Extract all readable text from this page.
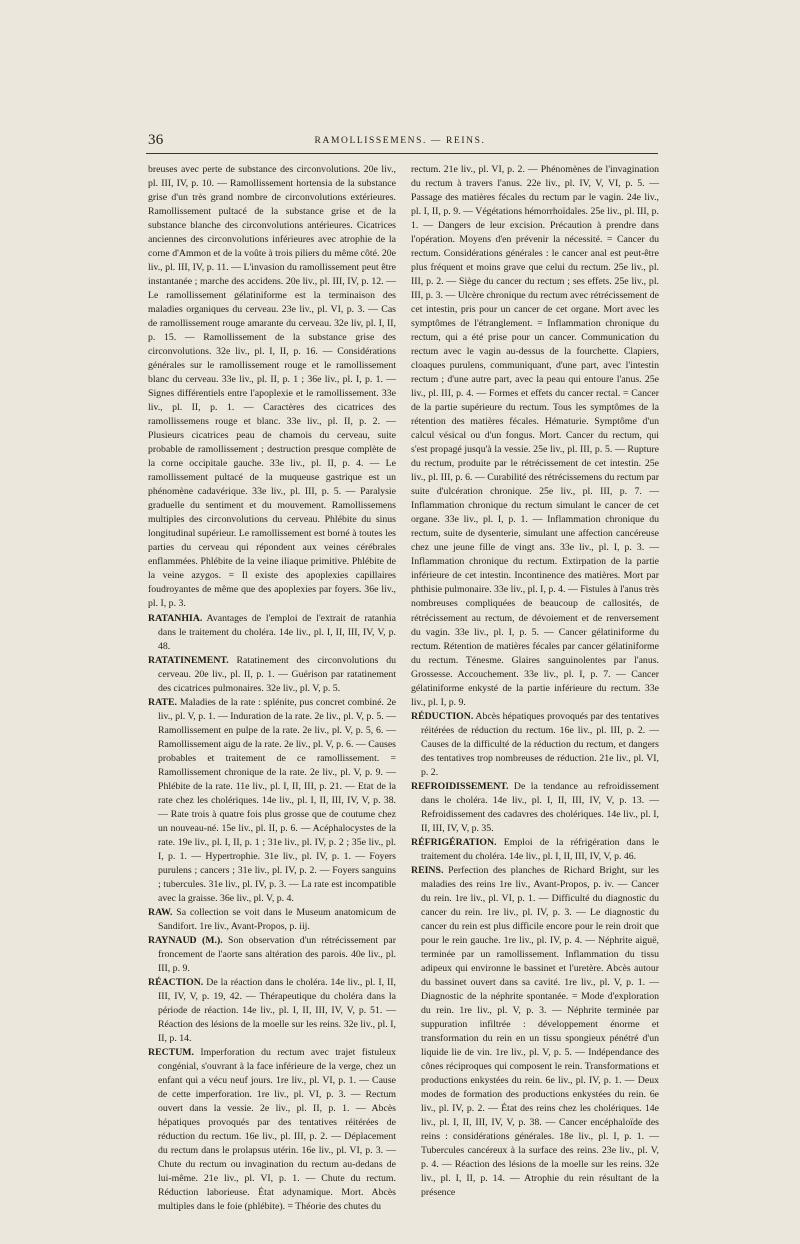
36	RAMOLLISSEMENS. — REINS.

breuses avec perte de substance des circonvolutions. 20e liv., pl. III, IV, p. 10. — Ramollissement hortensia de la substance grise d'un très grand nombre de circonvolutions extérieures. Ramollissement pultacé de la substance grise et de la substance blanche des circonvolutions antérieures. Cicatrices anciennes des circonvolutions inférieures avec atrophie de la corne d'Ammon et de la voûte à trois piliers du même côté. 20e liv., pl. III, IV, p. 11. — L'invasion du ramollissement peut être instantanée ; marche des accidens. 20e liv., pl. III, IV, p. 12. — Le ramollissement gélatiniforme est la terminaison des maladies organiques du cerveau. 23e liv., pl. VI, p. 3. — Cas de ramollissement rouge amarante du cerveau. 32e liv, pl. I, II, p. 15. — Ramollissement de la substance grise des circonvolutions. 32e liv., pl. I, II, p. 16. — Considérations générales sur le ramollissement rouge et le ramollissement blanc du cerveau. 33e liv., pl. II, p. 1 ; 36e liv., pl. I, p. 1. — Signes différentiels entre l'apoplexie et le ramollissement. 33e liv., pl. II, p. 1. — Caractères des cicatrices des ramollissemens rouge et blanc. 33e liv., pl. II, p. 2. — Plusieurs cicatrices peau de chamois du cerveau, suite probable de ramollissement ; destruction presque complète de la corne occipitale gauche. 33e liv., pl. II, p. 4. — Le ramollissement pultacé de la muqueuse gastrique est un phénomène cadavérique. 33e liv., pl. III, p. 5. — Paralysie graduelle du sentiment et du mouvement. Ramollissemens multiples des circonvolutions du cerveau. Phlébite du sinus longitudinal supérieur. Le ramollissement est borné à toutes les parties du cerveau qui répondent aux veines cérébrales enflammées. Phlébite de la veine iliaque primitive. Phlébite de la veine azygos. = Il existe des apoplexies capillaires foudroyantes de même que des apoplexies par foyers. 36e liv., pl. I, p. 3.

RATANHIA. Avantages de l'emploi de l'extrait de ratanhia dans le traitement du choléra. 14e liv., pl. I, II, III, IV, V, p. 48.

RATATINEMENT. Ratatinement des circonvolutions du cerveau. 20e liv., pl. II, p. 1. — Guérison par ratatinement des cicatrices pulmonaires. 32e liv., pl. V, p. 5.

RATE. Maladies de la rate : splénite, pus concret combiné. 2e liv., pl. V, p. 1. — Induration de la rate. 2e liv., pl. V, p. 5. — Ramollissement en pulpe de la rate. 2e liv., pl. V, p. 5, 6. — Ramollissement aigu de la rate. 2e liv., pl. V, p. 6. — Causes probables et traitement de ce ramollissement. = Ramollissement chronique de la rate. 2e liv., pl. V, p. 9. — Phlébite de la rate. 11e liv., pl. I, II, III, p. 21. — Etat de la rate chez les cholériques. 14e liv., pl. I, II, III, IV, V, p. 38. — Rate trois à quatre fois plus grosse que de coutume chez un nouveau-né. 15e liv., pl. II, p. 6. — Acéphalocystes de la rate. 19e liv., pl. I, II, p. 1 ; 31e liv., pl. IV, p. 2 ; 35e liv., pl. I, p. 1. — Hypertrophie. 31e liv., pl. IV, p. 1. — Foyers purulens ; cancers ; 31e liv., pl. IV, p. 2. — Foyers sanguins ; tubercules. 31e liv., pl. IV, p. 3. — La rate est incompatible avec la graisse. 36e liv., pl. V, p. 4.

RAW. Sa collection se voit dans le Museum anatomicum de Sandifort. 1re liv., Avant-Propos, p. iij.

RAYNAUD (M.). Son observation d'un rétrécissement par froncement de l'aorte sans altération des parois. 40e liv., pl. III, p. 9.

RÉACTION. De la réaction dans le choléra. 14e liv., pl. I, II, III, IV, V, p. 19, 42. — Thérapeutique du choléra dans la période de réaction. 14e liv., pl. I, II, III, IV, V, p. 51. — Réaction des lésions de la moelle sur les reins. 32e liv., pl. I, II, p. 14.

RECTUM. Imperforation du rectum avec trajet fistuleux congénial, s'ouvrant à la face inférieure de la verge, chez un enfant qui a vécu neuf jours. 1re liv., pl. VI, p. 1. — Cause de cette imperforation. 1re liv., pl. VI, p. 3. — Rectum ouvert dans la vessie. 2e liv., pl. II, p. 1. — Abcès hépatiques provoqués par des tentatives réitérées de réduction du rectum. 16e liv., pl. III, p. 2. — Déplacement du rectum dans le prolapsus utérin. 16e liv., pl. VI, p. 3. — Chute du rectum ou invagination du rectum au-dedans de lui-même. 21e liv., pl. VI, p. 1. — Chute du rectum. Réduction laborieuse. État adynamique. Mort. Abcès multiples dans le foie (phlébite). = Théorie des chutes du

rectum. 21e liv., pl. VI, p. 2. — Phénomènes de l'invagination du rectum à travers l'anus. 22e liv., pl. IV, V, VI, p. 5. — Passage des matières fécales du rectum par le vagin. 24e liv., pl. I, II, p. 9. — Végétations hémorrhoïdales. 25e liv., pl. III, p. 1. — Dangers de leur excision. Précaution à prendre dans l'opération. Moyens d'en prévenir la nécessité. = Cancer du rectum. Considérations générales : le cancer anal est peut-être plus fréquent et moins grave que celui du rectum. 25e liv., pl. III, p. 2. — Siège du cancer du rectum ; ses effets. 25e liv., pl. III, p. 3. — Ulcère chronique du rectum avec rétrécissement de cet intestin, pris pour un cancer de cet organe. Mort avec les symptômes de l'étranglement. = Inflammation chronique du rectum, qui a été prise pour un cancer. Communication du rectum avec le vagin au-dessus de la fourchette. Clapiers, cloaques purulens, communiquant, d'une part, avec l'intestin rectum ; d'une autre part, avec la peau qui entoure l'anus. 25e liv., pl. III, p. 4. — Formes et effets du cancer rectal. = Cancer de la partie supérieure du rectum. Tous les symptômes de la rétention des matières fécales. Hématurie. Symptôme d'un calcul vésical ou d'un fongus. Mort. Cancer du rectum, qui s'est propagé jusqu'à la vessie. 25e liv., pl. III, p. 5. — Rupture du rectum, produite par le rétrécissement de cet intestin. 25e liv., pl. III, p. 6. — Curabilité des rétrécissemens du rectum par suite d'ulcération chronique. 25e liv., pl. III, p. 7. — Inflammation chronique du rectum simulant le cancer de cet organe. 33e liv., pl. I, p. 1. — Inflammation chronique du rectum, suite de dysenterie, simulant une affection cancéreuse chez une jeune fille de vingt ans. 33e liv., pl. I, p. 3. — Inflammation chronique du rectum. Extirpation de la partie inférieure de cet intestin. Incontinence des matières. Mort par phthisie pulmonaire. 33e liv., pl. I, p. 4. — Fistules à l'anus très nombreuses compliquées de beaucoup de callosités, de rétrécissement au rectum, de dévoiement et de renversement du vagin. 33e liv., pl. I, p. 5. — Cancer gélatiniforme du rectum. Rétention de matières fécales par cancer gélatiniforme du rectum. Ténesme. Glaires sanguinolentes par l'anus. Grossesse. Accouchement. 33e liv., pl. I, p. 7. — Cancer gélatiniforme enkysté de la partie inférieure du rectum. 33e liv., pl. I, p. 9.

RÉDUCTION. Abcès hépatiques provoqués par des tentatives réitérées de réduction du rectum. 16e liv., pl. III, p. 2. — Causes de la difficulté de la réduction du rectum, et dangers des tentatives trop nombreuses de réduction. 21e liv., pl. VI, p. 2.

REFROIDISSEMENT. De la tendance au refroidissement dans le choléra. 14e liv., pl. I, II, III, IV, V, p. 13. — Refroidissement des cadavres des cholériques. 14e liv., pl. I, II, III, IV, V, p. 35.

RÉFRIGÉRATION. Emploi de la réfrigération dans le traitement du choléra. 14e liv., pl. I, II, III, IV, V, p. 46.

REINS. Perfection des planches de Richard Bright, sur les maladies des reins 1re liv., Avant-Propos, p. iv. — Cancer du rein. 1re liv., pl. VI, p. 1. — Difficulté du diagnostic du cancer du rein. 1re liv., pl. IV, p. 3. — Le diagnostic du cancer du rein est plus difficile encore pour le rein droit que pour le rein gauche. 1re liv., pl. IV, p. 4. — Néphrite aiguë, terminée par un ramollissement. Inflammation du tissu adipeux qui environne le bassinet et l'uretère. Abcès autour du bassinet ouvert dans sa cavité. 1re liv., pl. V, p. 1. — Diagnostic de la néphrite spontanée. = Mode d'exploration du rein. 1re liv., pl. V, p. 3. — Néphrite terminée par suppuration infiltrée : développement énorme et transformation du rein en un tissu spongieux pénétré d'un liquide lie de vin. 1re liv., pl. V, p. 5. — Indépendance des cônes réciproques qui composent le rein. Transformations et productions enkystées du rein. 6e liv., pl. IV, p. 1. — Deux modes de formation des productions enkystées du rein. 6e liv., pl. IV, p. 2. — État des reins chez les cholériques. 14e liv., pl. I, II, III, IV, V, p. 38. — Cancer encéphaloïde des reins : considérations générales. 18e liv., pl. I, p. 1. — Tubercules cancéreux à la surface des reins. 23e liv., pl. V, p. 4. — Réaction des lésions de la moelle sur les reins. 32e liv., pl. I, II, p. 14. — Atrophie du rein résultant de la présence
